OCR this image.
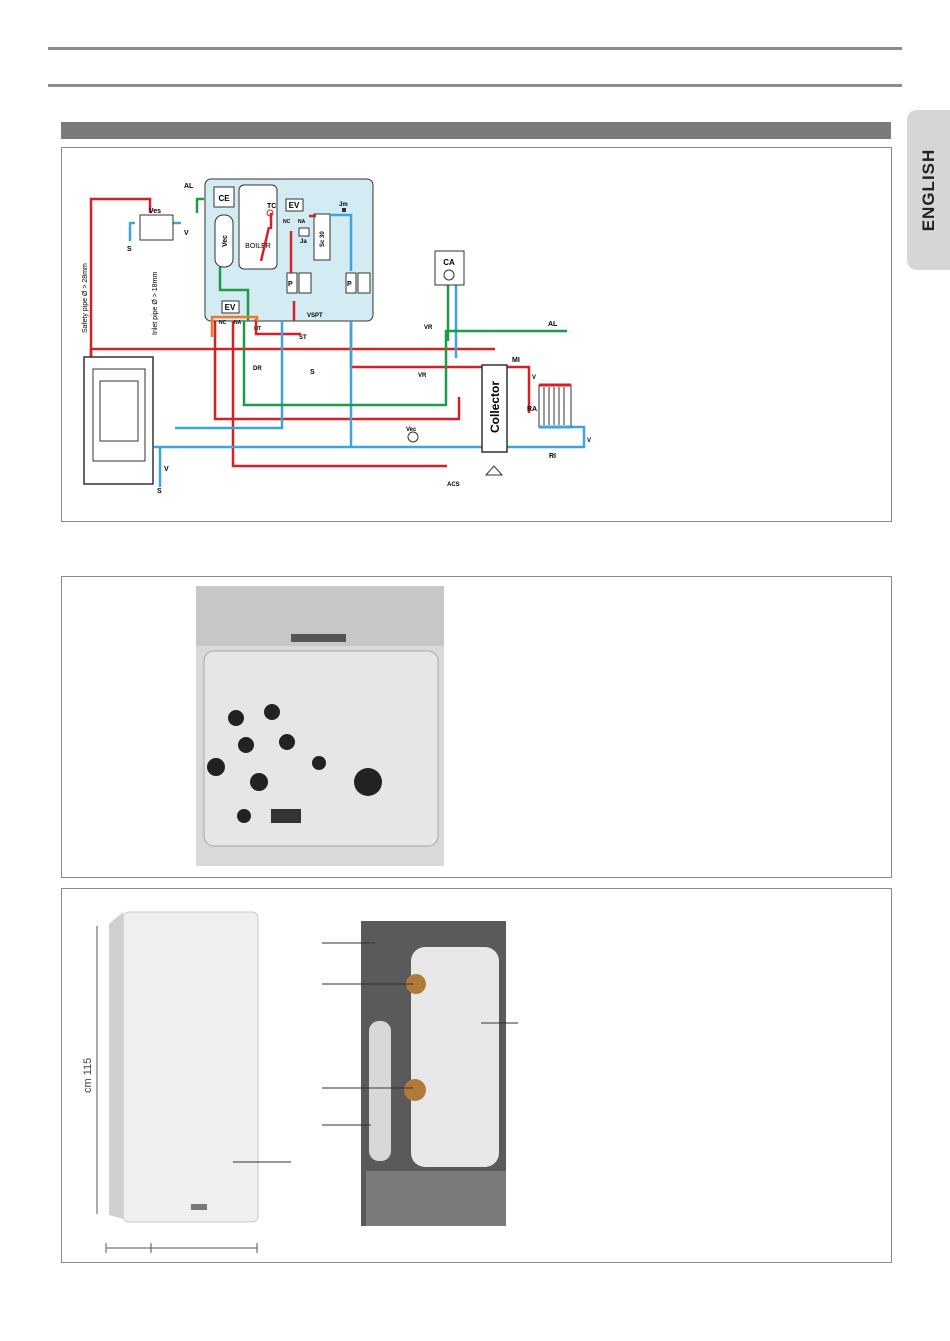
ENGLISH
CE
Vec BOILER
TC EV
NC NA
Ja Sc 30
Jm
P	P
EV
NC NA
MT
VSPT
ST
DR	S
AL
Ves
V
S
Safety pipe Ø > 28mm	Inlet pipe Ø > 18mm
V
S
CA
VR
VR
AL
Collector
MI
V
RA
V
RI
Vec
ACS
cm 115
